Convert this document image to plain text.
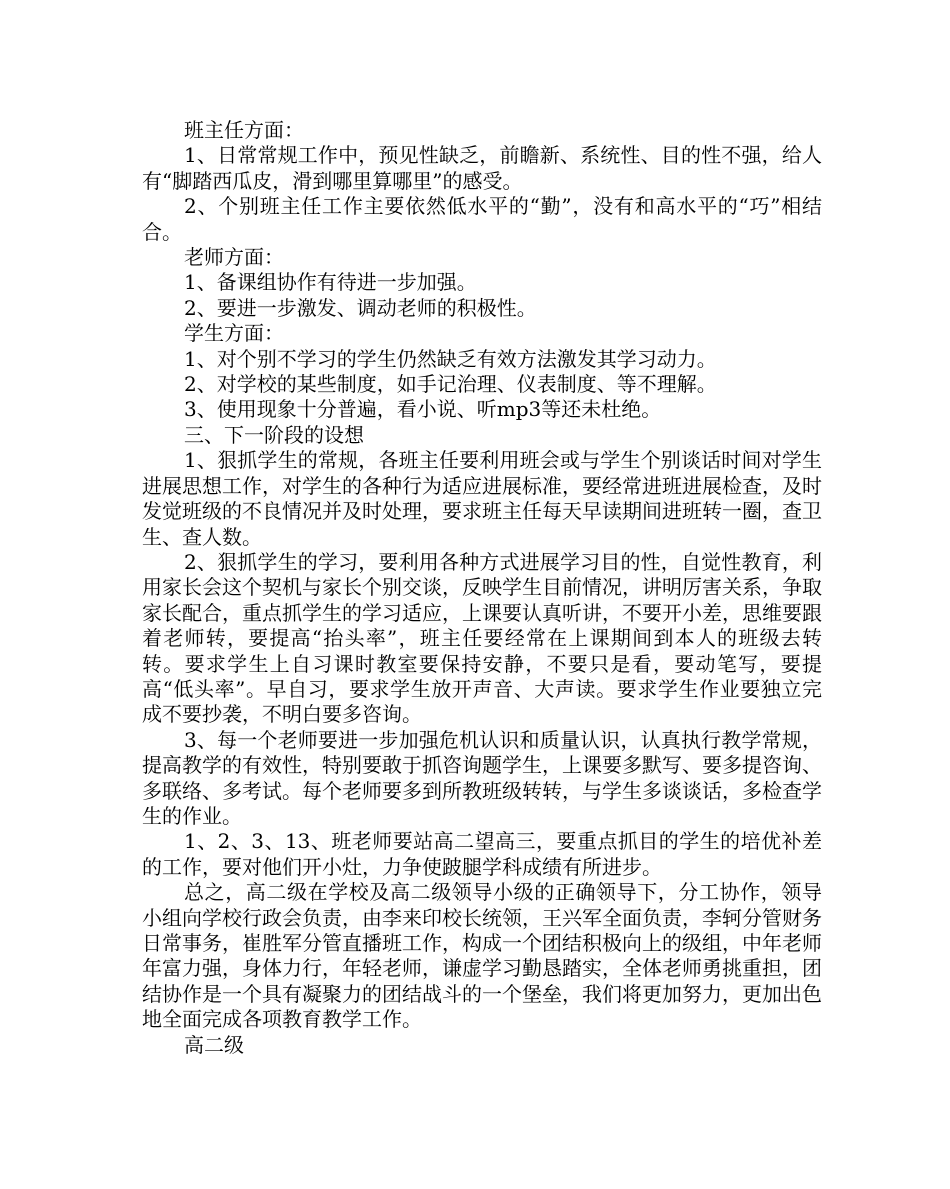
班主任方面：

1、日常常规工作中，预见性缺乏，前瞻新、系统性、目的性不强，给人有“脚踏西瓜皮，滑到哪里算哪里”的感受。

2、个别班主任工作主要依然低水平的“勤”，没有和高水平的“巧”相结合。

老师方面：

1、备课组协作有待进一步加强。

2、要进一步激发、调动老师的积极性。

学生方面：

1、对个别不学习的学生仍然缺乏有效方法激发其学习动力。

2、对学校的某些制度，如手记治理、仪表制度、等不理解。

3、使用现象十分普遍，看小说、听mp3等还未杜绝。

三、下一阶段的设想

1、狠抓学生的常规，各班主任要利用班会或与学生个别谈话时间对学生进展思想工作，对学生的各种行为适应进展标准，要经常进班进展检查，及时发觉班级的不良情况并及时处理，要求班主任每天早读期间进班转一圈，查卫生、查人数。

2、狠抓学生的学习，要利用各种方式进展学习目的性，自觉性教育，利用家长会这个契机与家长个别交谈，反映学生目前情况，讲明厉害关系，争取家长配合，重点抓学生的学习适应，上课要认真听讲，不要开小差，思维要跟着老师转，要提高“抬头率”，班主任要经常在上课期间到本人的班级去转转。要求学生上自习课时教室要保持安静，不要只是看，要动笔写，要提高“低头率”。早自习，要求学生放开声音、大声读。要求学生作业要独立完成不要抄袭，不明白要多咨询。

3、每一个老师要进一步加强危机认识和质量认识，认真执行教学常规，提高教学的有效性，特别要敢于抓咨询题学生，上课要多默写、要多提咨询、多联络、多考试。每个老师要多到所教班级转转，与学生多谈谈话，多检查学生的作业。

1、2、3、13、班老师要站高二望高三，要重点抓目的学生的培优补差的工作，要对他们开小灶，力争使跛腿学科成绩有所进步。

总之，高二级在学校及高二级领导小级的正确领导下，分工协作，领导小组向学校行政会负责，由李来印校长统领，王兴军全面负责，李轲分管财务日常事务，崔胜军分管直播班工作，构成一个团结积极向上的级组，中年老师年富力强，身体力行，年轻老师，谦虚学习勤恳踏实，全体老师勇挑重担，团结协作是一个具有凝聚力的团结战斗的一个堡垒，我们将更加努力，更加出色地全面完成各项教育教学工作。

高二级
